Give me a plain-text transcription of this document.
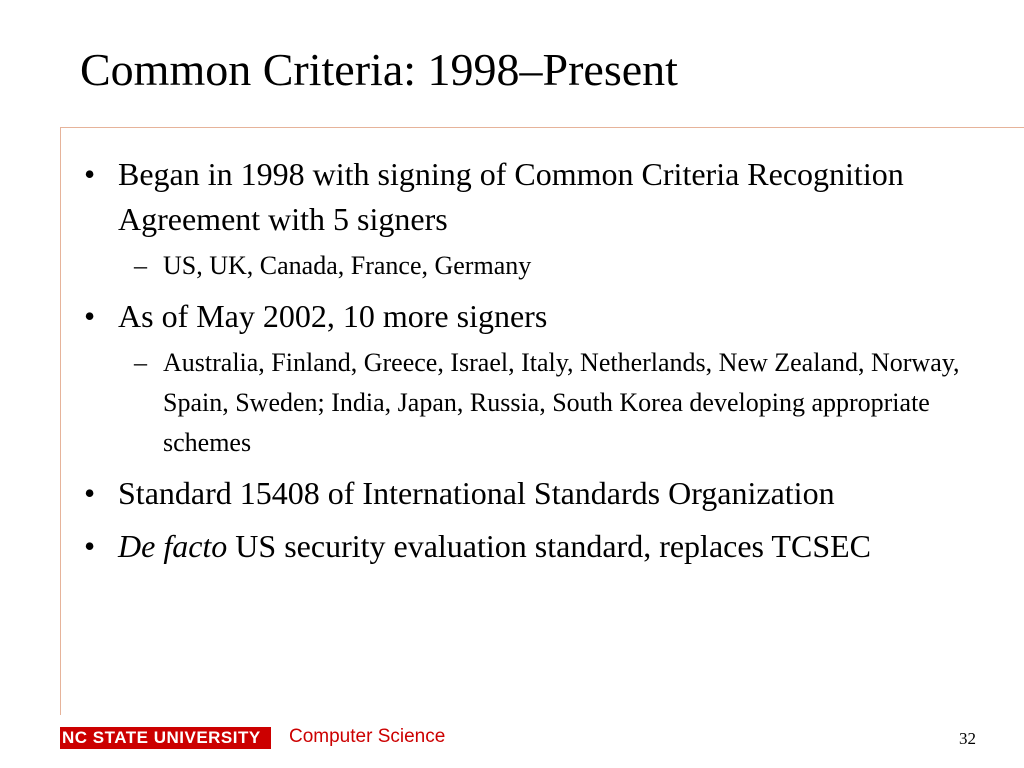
Common Criteria: 1998–Present
• Began in 1998 with signing of Common Criteria Recognition Agreement with 5 signers
– US, UK, Canada, France, Germany
• As of May 2002, 10 more signers
– Australia, Finland, Greece, Israel, Italy, Netherlands, New Zealand, Norway, Spain, Sweden; India, Japan, Russia, South Korea developing appropriate schemes
• Standard 15408 of International Standards Organization
• De facto US security evaluation standard, replaces TCSEC
NC STATE UNIVERSITY	Computer Science	32
